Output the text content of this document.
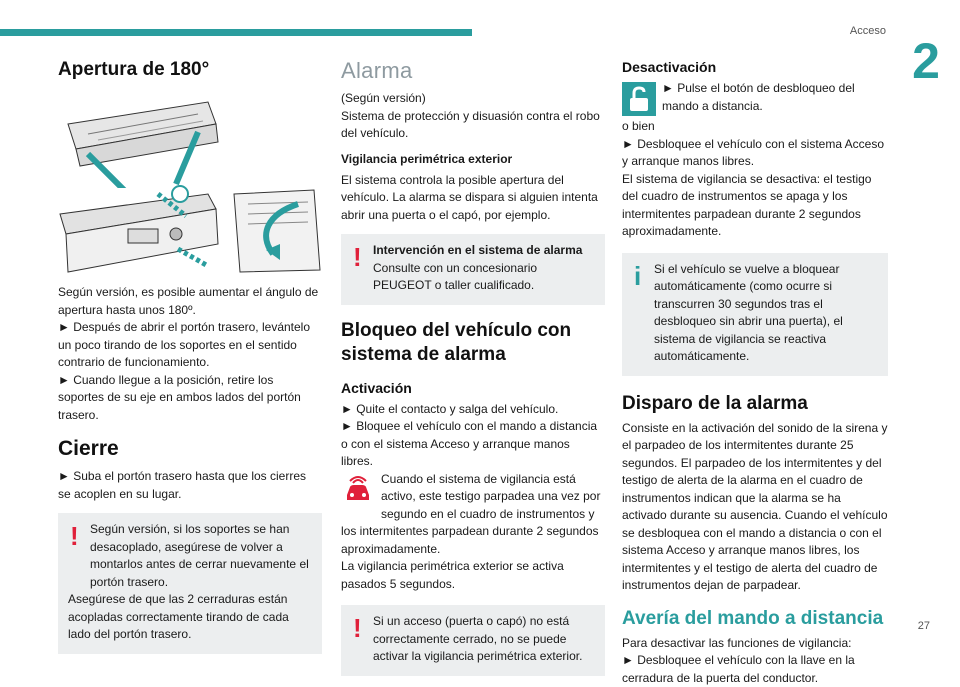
Acceso
2
27
Apertura de 180°

Según versión, es posible aumentar el ángulo de apertura hasta unos 180º.

► Después de abrir el portón trasero, levántelo un poco tirando de los soportes en el sentido contrario de funcionamiento.

► Cuando llegue a la posición, retire los soportes de su eje en ambos lados del portón trasero.

Cierre

► Suba el portón trasero hasta que los cierres se acoplen en su lugar.

! Según versión, si los soportes se han desacoplado, asegúrese de volver a montarlos antes de cerrar nuevamente el portón trasero.
Asegúrese de que las 2 cerraduras están acopladas correctamente tirando de cada lado del portón trasero.
Alarma

(Según versión)

Sistema de protección y disuasión contra el robo del vehículo.

Vigilancia perimétrica exterior

El sistema controla la posible apertura del vehículo. La alarma se dispara si alguien intenta abrir una puerta o el capó, por ejemplo.

! Intervención en el sistema de alarma
Consulte con un concesionario PEUGEOT o taller cualificado.
Bloqueo del vehículo con sistema de alarma
Activación

► Quite el contacto y salga del vehículo.

► Bloquee el vehículo con el mando a distancia o con el sistema Acceso y arranque manos libres.

Cuando el sistema de vigilancia está activo, este testigo parpadea una vez por segundo en el cuadro de instrumentos y los intermitentes parpadean durante 2 segundos aproximadamente.

La vigilancia perimétrica exterior se activa pasados 5 segundos.

! Si un acceso (puerta o capó) no está correctamente cerrado, no se puede activar la vigilancia perimétrica exterior.
Desactivación

► Pulse el botón de desbloqueo del mando a distancia.

o bien

► Desbloquee el vehículo con el sistema Acceso y arranque manos libres.

El sistema de vigilancia se desactiva: el testigo del cuadro de instrumentos se apaga y los intermitentes parpadean durante 2 segundos aproximadamente.

i	Si el vehículo se vuelve a bloquear automáticamente (como ocurre si transcurren 30 segundos tras el desbloqueo sin abrir una puerta), el sistema de vigilancia se reactiva automáticamente.
Disparo de la alarma

Consiste en la activación del sonido de la sirena y el parpadeo de los intermitentes durante 25 segundos. El parpadeo de los intermitentes y del testigo de alerta de la alarma en el cuadro de instrumentos indican que la alarma se ha activado durante su ausencia. Cuando el vehículo se desbloquea con el mando a distancia o con el sistema Acceso y arranque manos libres, los intermitentes y el testigo de alerta del cuadro de instrumentos dejan de parpadear.

Avería del mando a distancia

Para desactivar las funciones de vigilancia:

► Desbloquee el vehículo con la llave en la cerradura de la puerta del conductor.
